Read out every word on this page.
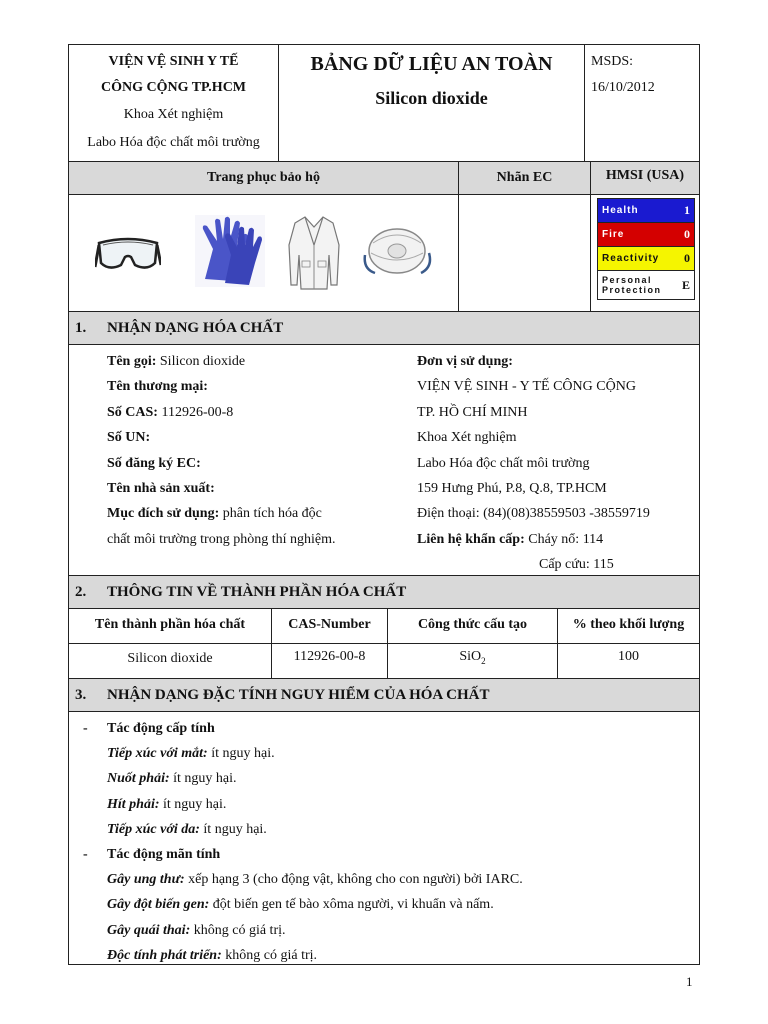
VIỆN VỆ SINH Y TẾ
CÔNG CỘNG TP.HCM
Khoa Xét nghiệm
Labo Hóa độc chất môi trường
BẢNG DỮ LIỆU AN TOÀN
Silicon dioxide
MSDS:
16/10/2012
Trang phục bảo hộ	Nhãn EC	HMSI (USA)
Health	1
Fire	0
Reactivity 0
Personal
Protection E
1. NHẬN DẠNG HÓA CHẤT
Tên gọi: Silicon dioxide
Tên thương mại:
Số CAS: 112926-00-8
Số UN:
Số đăng ký EC:
Tên nhà sản xuất:
Mục đích sử dụng: phân tích hóa độc
chất môi trường trong phòng thí nghiệm.
Đơn vị sử dụng:
VIỆN VỆ SINH - Y TẾ CÔNG CỘNG
TP. HỒ CHÍ MINH
Khoa Xét nghiệm
Labo Hóa độc chất môi trường
159 Hưng Phú, P.8, Q.8, TP.HCM
Điện thoại: (84)(08)38559503 -38559719
Liên hệ khẩn cấp: Cháy nổ: 114
Cấp cứu: 115
2. THÔNG TIN VỀ THÀNH PHẦN HÓA CHẤT
Tên thành phần hóa chất	CAS-Number	Công thức cấu tạo	% theo khối lượng
Silicon dioxide	112926-00-8	SiO$_2$	100
3. NHẬN DẠNG ĐẶC TÍNH NGUY HIỂM CỦA HÓA CHẤT
- Tác động cấp tính
Tiếp xúc với mắt: ít nguy hại.
Nuốt phải: ít nguy hại.
Hít phải: ít nguy hại.
Tiếp xúc với da: ít nguy hại.
- Tác động mãn tính
Gây ung thư: xếp hạng 3 (cho động vật, không cho con người) bởi IARC.
Gây đột biến gen: đột biến gen tế bào xôma người, vi khuẩn và nấm.
Gây quái thai: không có giá trị.
Độc tính phát triển: không có giá trị.
1
